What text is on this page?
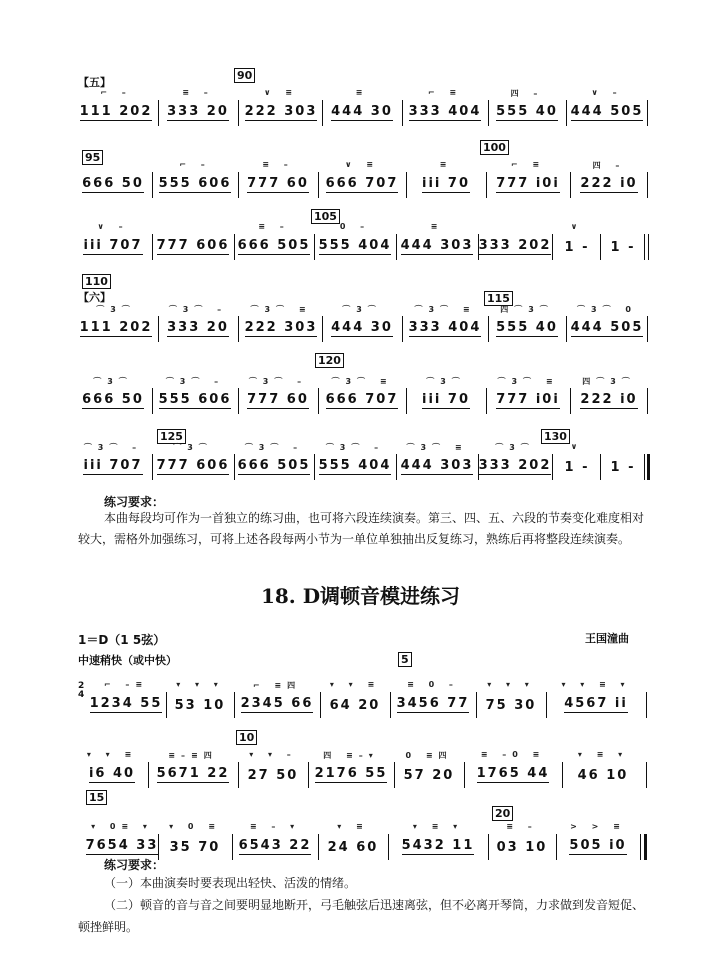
【五】
【六】
90
95
100
105
110
115
120
125	130
⌐ –
111 202
≡ –
333 20
∨ ≡
222 303
≡
444 30
⌐ ≡
333 404
四 –
555 40
∨ –
444 505
666 50
⌐ –
555 606
≡ –
777 60
∨ ≡
666 707
≡
iii 70
⌐ ≡
777 i0i
四 –
222 i0
∨ –
iii 707 777 606
≡ –
666 505
0 –
555 404
≡
444 303 333 202
∨
1 - 1 -
⌒3⌒
111 202
⌒3⌒ –
333 20
⌒3⌒ ≡
222 303
⌒3⌒
444 30
⌒3⌒ ≡
333 404
四⌒3⌒
555 40
⌒3⌒ 0
444 505
⌒3⌒
666 50
⌒3⌒ –
555 606
⌒3⌒ –
777 60
⌒3⌒ ≡
666 707
⌒3⌒
iii 70
⌒3⌒ ≡
777 i0i
四⌒3⌒
222 i0
⌒3⌒ –
iii 707
⌒3⌒
777 606
⌒3⌒ –
666 505
⌒3⌒ –
555 404
⌒3⌒ ≡
444 303
⌒3⌒
333 202
∨
1 - 1 -
练习要求：
本曲每段均可作为一首独立的练习曲，也可将六段连续演奏。第三、四、五、六段的节奏变化难度相对
较大，需格外加强练习，可将上述各段每两小节为一单位单独抽出反复练习，熟练后再将整段连续演奏。
18. D调顿音模进练习
1＝D（1 5弦）	王国潼曲
中速稍快（或中快）
2
4
5
10
15
20
⌐ –≡
1234 55
▾ ▾ ▾
53 10
⌐ ≡四
2345 66
▾ ▾ ≡
64 20
≡ 0 –
3456 77
▾ ▾ ▾
75 30
▾ ▾ ≡ ▾
4567 ii
▾ ▾ ≡
i6 40
≡–≡四
5671 22
▾ ▾ –
27 50
四 ≡–▾
2176 55
0 ≡四
57 20
≡ –0 ≡
1765 44
▾ ≡ ▾
46 10
▾ 0≡ ▾
7654 33
▾ 0 ≡
35 70
≡ – ▾
6543 22
▾ ≡
24 60
▾ ≡ ▾
5432 11
≡ –
03 10
> > ≡
505 i0
练习要求：
（一）本曲演奏时要表现出轻快、活泼的情绪。
（二）顿音的音与音之间要明显地断开，弓毛触弦后迅速离弦，但不必离开琴筒，力求做到发音短促、
顿挫鲜明。
